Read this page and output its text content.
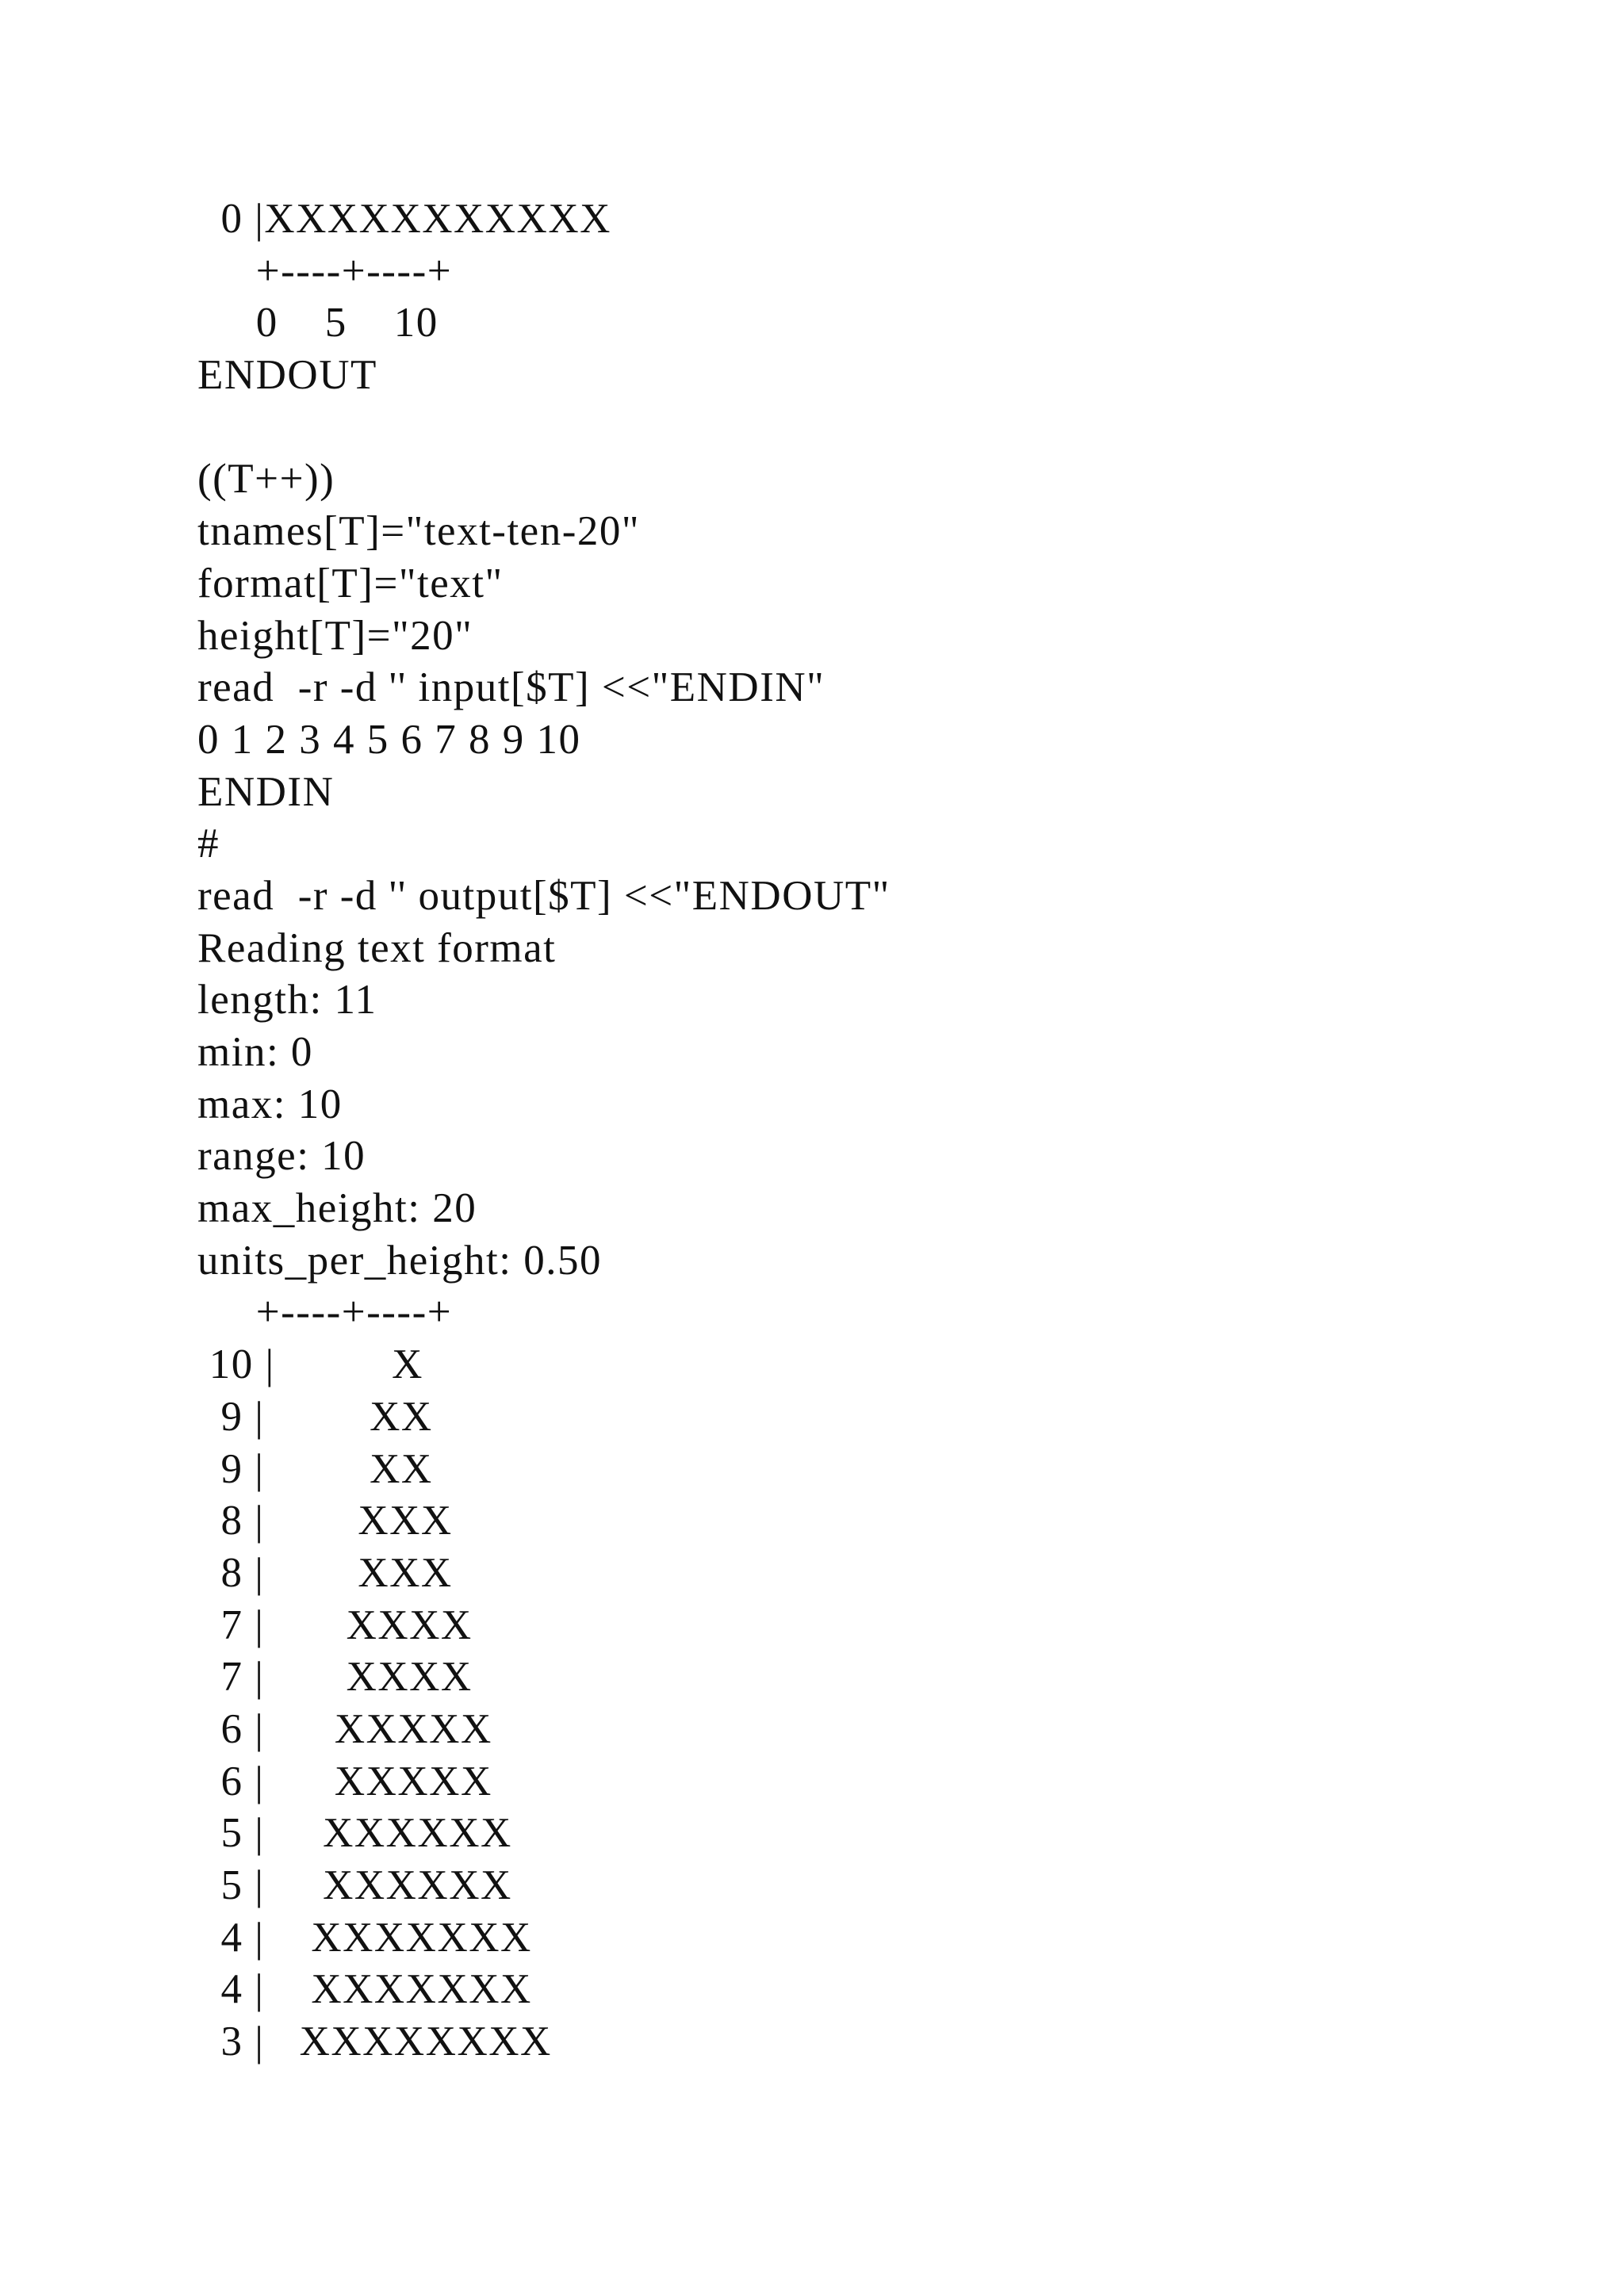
0 |XXXXXXXXXXX
+----+----+
0    5    10
ENDOUT
((T++))
tnames[T]="text-ten-20"
format[T]="text"
height[T]="20"
read  -r -d '' input[$T] <<"ENDIN"
0 1 2 3 4 5 6 7 8 9 10
ENDIN
#
read  -r -d '' output[$T] <<"ENDOUT"
Reading text format
length: 11
min: 0
max: 10
range: 10
max_height: 20
units_per_height: 0.50
+----+----+
10 |          X
9 |         XX
9 |         XX
8 |        XXX
8 |        XXX
7 |       XXXX
7 |       XXXX
6 |      XXXXX
6 |      XXXXX
5 |     XXXXXX
5 |     XXXXXX
4 |    XXXXXXX
4 |    XXXXXXX
3 |   XXXXXXXX
